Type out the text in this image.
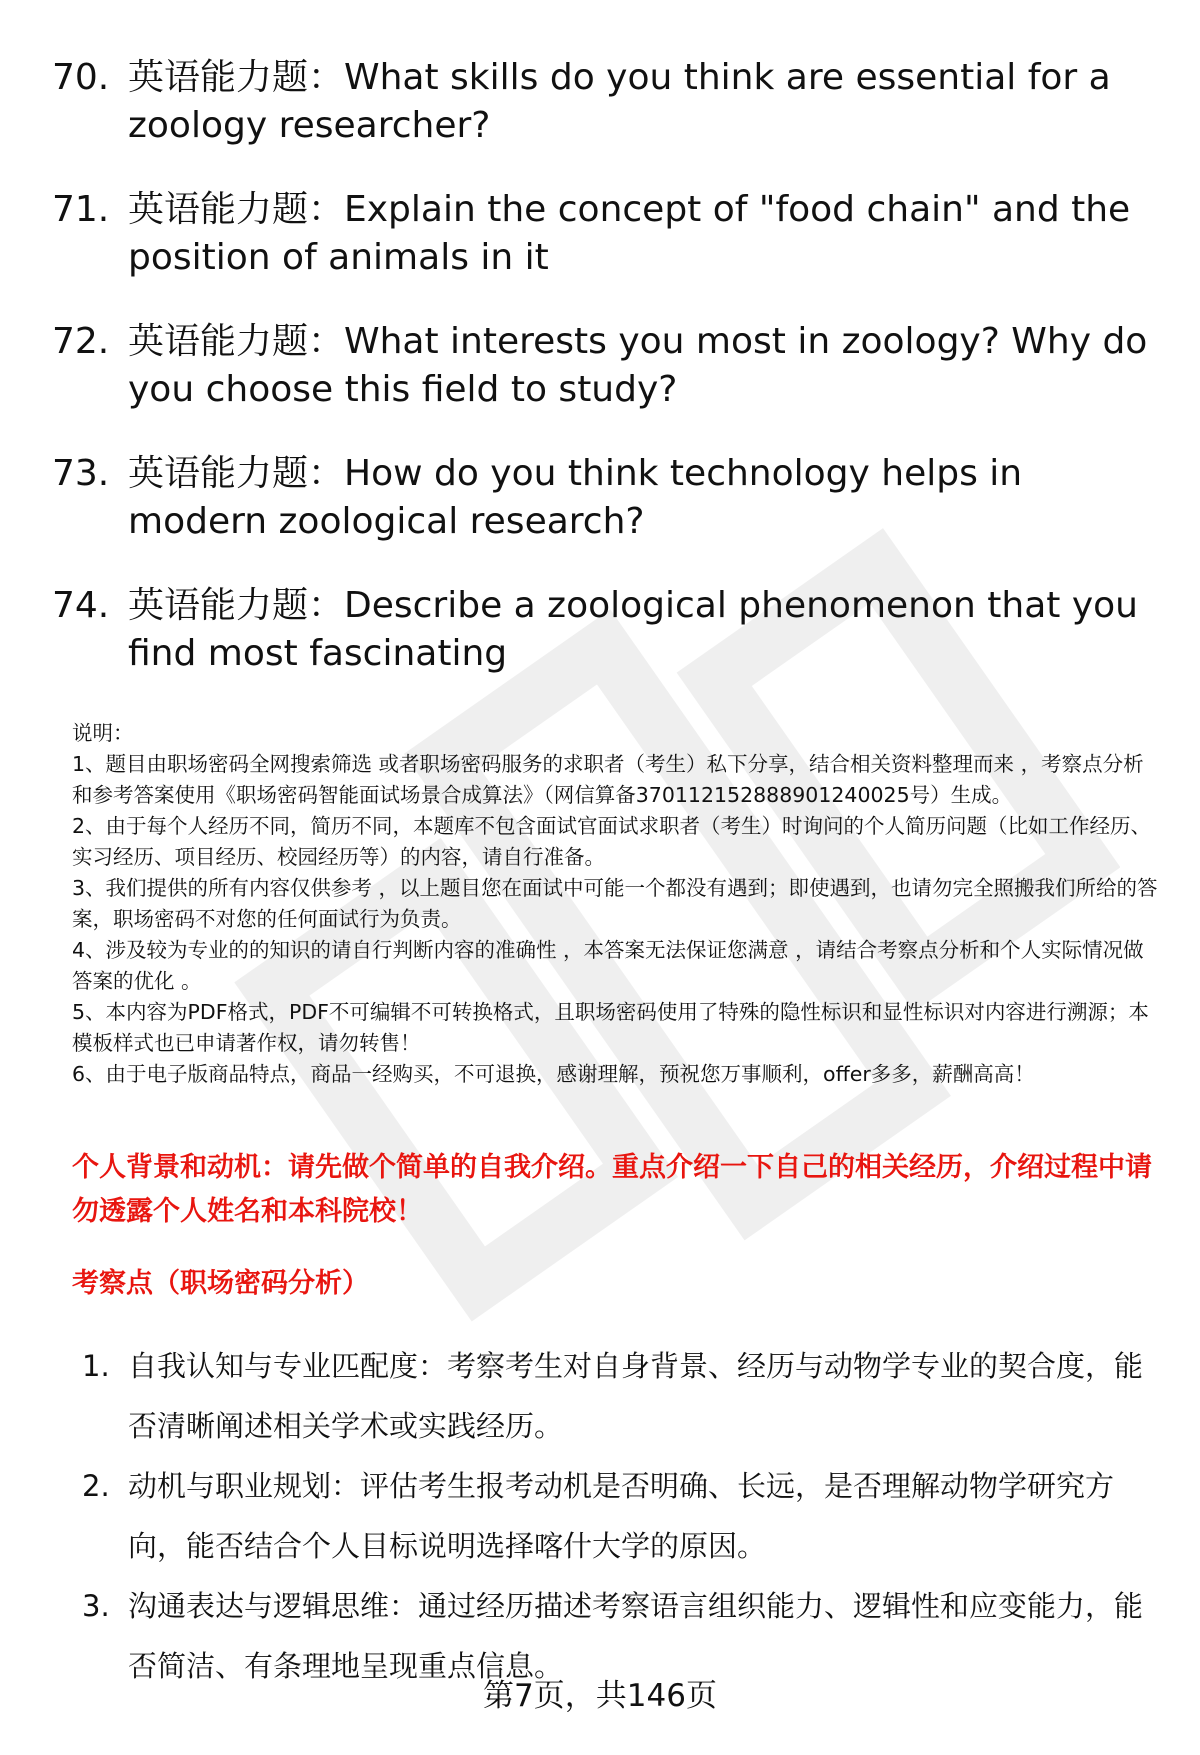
70. 英语能力题：What skills do you think are essential for a zoology researcher?
71. 英语能力题：Explain the concept of "food chain" and the position of animals in it
72. 英语能力题：What interests you most in zoology? Why do you choose this field to study?
73. 英语能力题：How do you think technology helps in modern zoological research?
74. 英语能力题：Describe a zoological phenomenon that you find most fascinating

说明：

1、题目由职场密码全网搜索筛选 或者职场密码服务的求职者（考生）私下分享，结合相关资料整理而来 ，考察点分析和参考答案使用《职场密码智能面试场景合成算法》（网信算备370112152888901240025号）生成。

2、由于每个人经历不同，简历不同，本题库不包含面试官面试求职者（考生）时询问的个人简历问题（比如工作经历、实习经历、项目经历、校园经历等）的内容，请自行准备。

3、我们提供的所有内容仅供参考 ，以上题目您在面试中可能一个都没有遇到；即使遇到，也请勿完全照搬我们所给的答案，职场密码不对您的任何面试行为负责。

4、涉及较为专业的的知识的请自行判断内容的准确性 ，本答案无法保证您满意 ，请结合考察点分析和个人实际情况做答案的优化 。

5、本内容为PDF格式，PDF不可编辑不可转换格式，且职场密码使用了特殊的隐性标识和显性标识对内容进行溯源；本模板样式也已申请著作权，请勿转售！

6、由于电子版商品特点，商品一经购买，不可退换，感谢理解，预祝您万事顺利，offer多多，薪酬高高！

个人背景和动机：请先做个简单的自我介绍。重点介绍一下自己的相关经历，介绍过程中请勿透露个人姓名和本科院校！
考察点（职场密码分析）
1. 自我认知与专业匹配度：考察考生对自身背景、经历与动物学专业的契合度，能否清晰阐述相关学术或实践经历。
2. 动机与职业规划：评估考生报考动机是否明确、长远，是否理解动物学研究方向，能否结合个人目标说明选择喀什大学的原因。
3. 沟通表达与逻辑思维：通过经历描述考察语言组织能力、逻辑性和应变能力，能否简洁、有条理地呈现重点信息。
第7页，共146页
